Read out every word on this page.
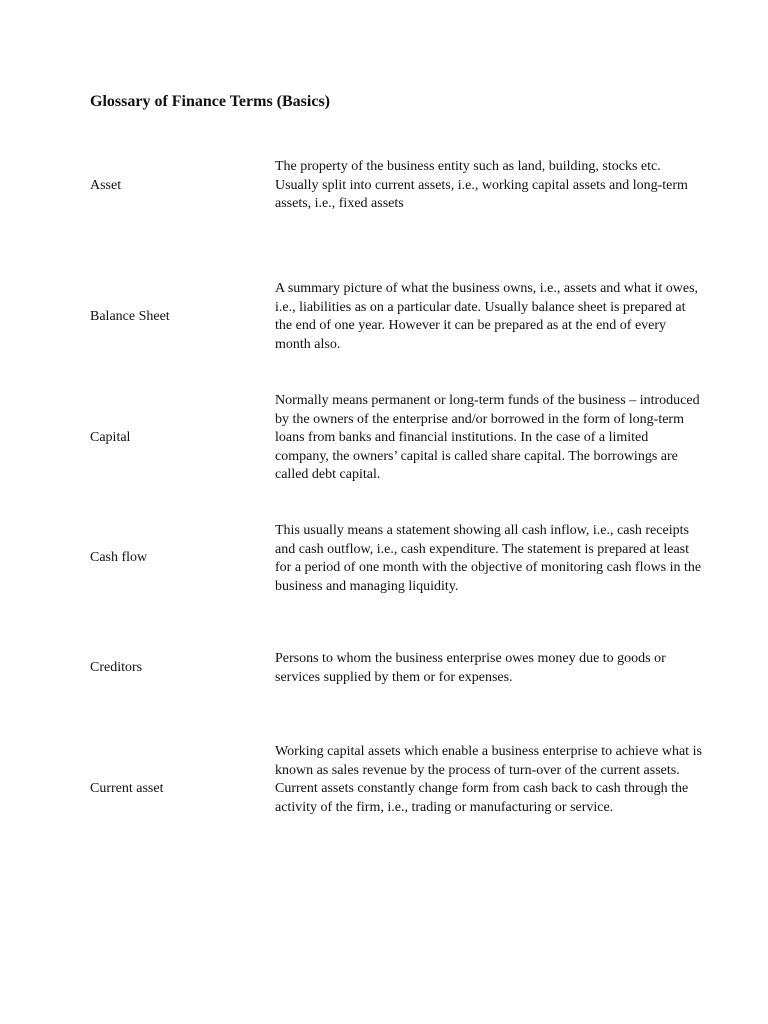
Glossary of Finance Terms (Basics)
Asset

The property of the business entity such as land, building, stocks etc. Usually split into current assets, i.e., working capital assets and long-term assets, i.e., fixed assets

Balance Sheet

A summary picture of what the business owns, i.e., assets and what it owes, i.e., liabilities as on a particular date. Usually balance sheet is prepared at the end of one year. However it can be prepared as at the end of every month also.

Capital

Normally means permanent or long-term funds of the business – introduced by the owners of the enterprise and/or borrowed in the form of long-term loans from banks and financial institutions. In the case of a limited company, the owners’ capital is called share capital. The borrowings are called debt capital.

Cash flow

This usually means a statement showing all cash inflow, i.e., cash receipts and cash outflow, i.e., cash expenditure. The statement is prepared at least for a period of one month with the objective of monitoring cash flows in the business and managing liquidity.

Creditors

Persons to whom the business enterprise owes money due to goods or services supplied by them or for expenses.

Current asset

Working capital assets which enable a business enterprise to achieve what is known as sales revenue by the process of turn-over of the current assets. Current assets constantly change form from cash back to cash through the activity of the firm, i.e., trading or manufacturing or service.
